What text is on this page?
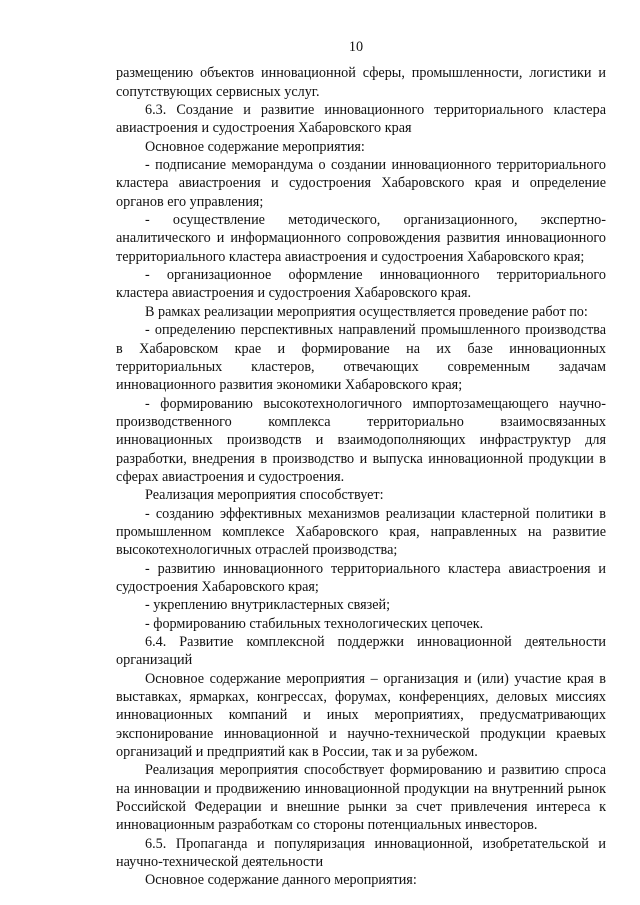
10

размещению объектов инновационной сферы, промышленности, логистики и сопутствующих сервисных услуг.

6.3. Создание и развитие инновационного территориального кластера авиастроения и судостроения Хабаровского края

Основное содержание мероприятия:

- подписание меморандума о создании инновационного территориального кластера авиастроения и судостроения Хабаровского края и определение органов его управления;

- осуществление методического, организационного, экспертно-аналитического и информационного сопровождения развития инновационного территориального кластера авиастроения и судостроения Хабаровского края;

- организационное оформление инновационного территориального кластера авиастроения и судостроения Хабаровского края.

В рамках реализации мероприятия осуществляется проведение работ по:

- определению перспективных направлений промышленного производства в Хабаровском крае и формирование на их базе инновационных территориальных кластеров, отвечающих современным задачам инновационного развития экономики Хабаровского края;

- формированию высокотехнологичного импортозамещающего научно-производственного комплекса территориально взаимосвязанных инновационных производств и взаимодополняющих инфраструктур для разработки, внедрения в производство и выпуска инновационной продукции в сферах авиастроения и судостроения.

Реализация мероприятия способствует:

- созданию эффективных механизмов реализации кластерной политики в промышленном комплексе Хабаровского края, направленных на развитие высокотехнологичных отраслей производства;

- развитию инновационного территориального кластера авиастроения и судостроения Хабаровского края;

- укреплению внутрикластерных связей;

- формированию стабильных технологических цепочек.

6.4. Развитие комплексной поддержки инновационной деятельности организаций

Основное содержание мероприятия – организация и (или) участие края в выставках, ярмарках, конгрессах, форумах, конференциях, деловых миссиях инновационных компаний и иных мероприятиях, предусматривающих экспонирование инновационной и научно-технической продукции краевых организаций и предприятий как в России, так и за рубежом.

Реализация мероприятия способствует формированию и развитию спроса на инновации и продвижению инновационной продукции на внутренний рынок Российской Федерации и внешние рынки за счет привлечения интереса к инновационным разработкам со стороны потенциальных инвесторов.

6.5. Пропаганда и популяризация инновационной, изобретательской и научно-технической деятельности

Основное содержание данного мероприятия:
